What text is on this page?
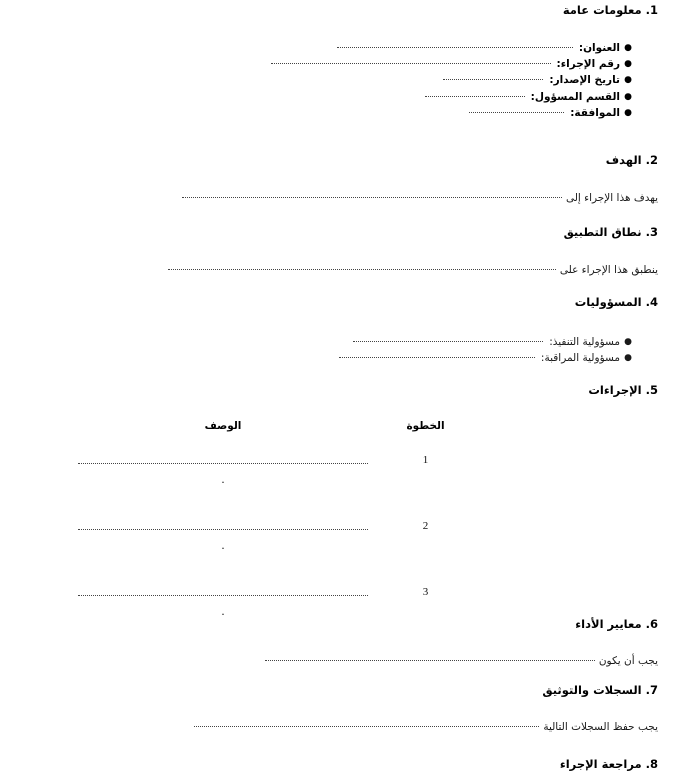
1. معلومات عامة
●
العنوان:
●
رقم الإجراء:
●
تاريخ الإصدار:
●
القسم المسؤول:
●
الموافقة:
2. الهدف
يهدف هذا الإجراء إلى
3. نطاق التطبيق
ينطبق هذا الإجراء على
4. المسؤوليات
●
مسؤولية التنفيذ:
●
مسؤولية المراقبة:
5. الإجراءات
الخطوة	الوصف
1	.

2	.

3	.
6. معايير الأداء
يجب أن يكون
7. السجلات والتوثيق
يجب حفظ السجلات التالية
8. مراجعة الإجراء
